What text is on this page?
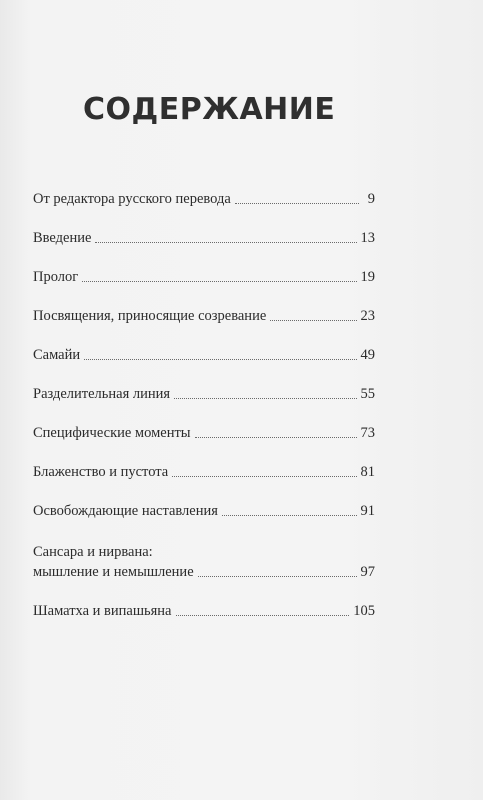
СОДЕРЖАНИЕ
От редактора русского перевода	9
Введение	13
Пролог	19
Посвящения, приносящие созревание	23
Самайи	49
Разделительная линия	55
Специфические моменты	73
Блаженство и пустота	81
Освобождающие наставления	91
Сансара и нирвана:
мышление и немышление	97
Шаматха и випашьяна	105
